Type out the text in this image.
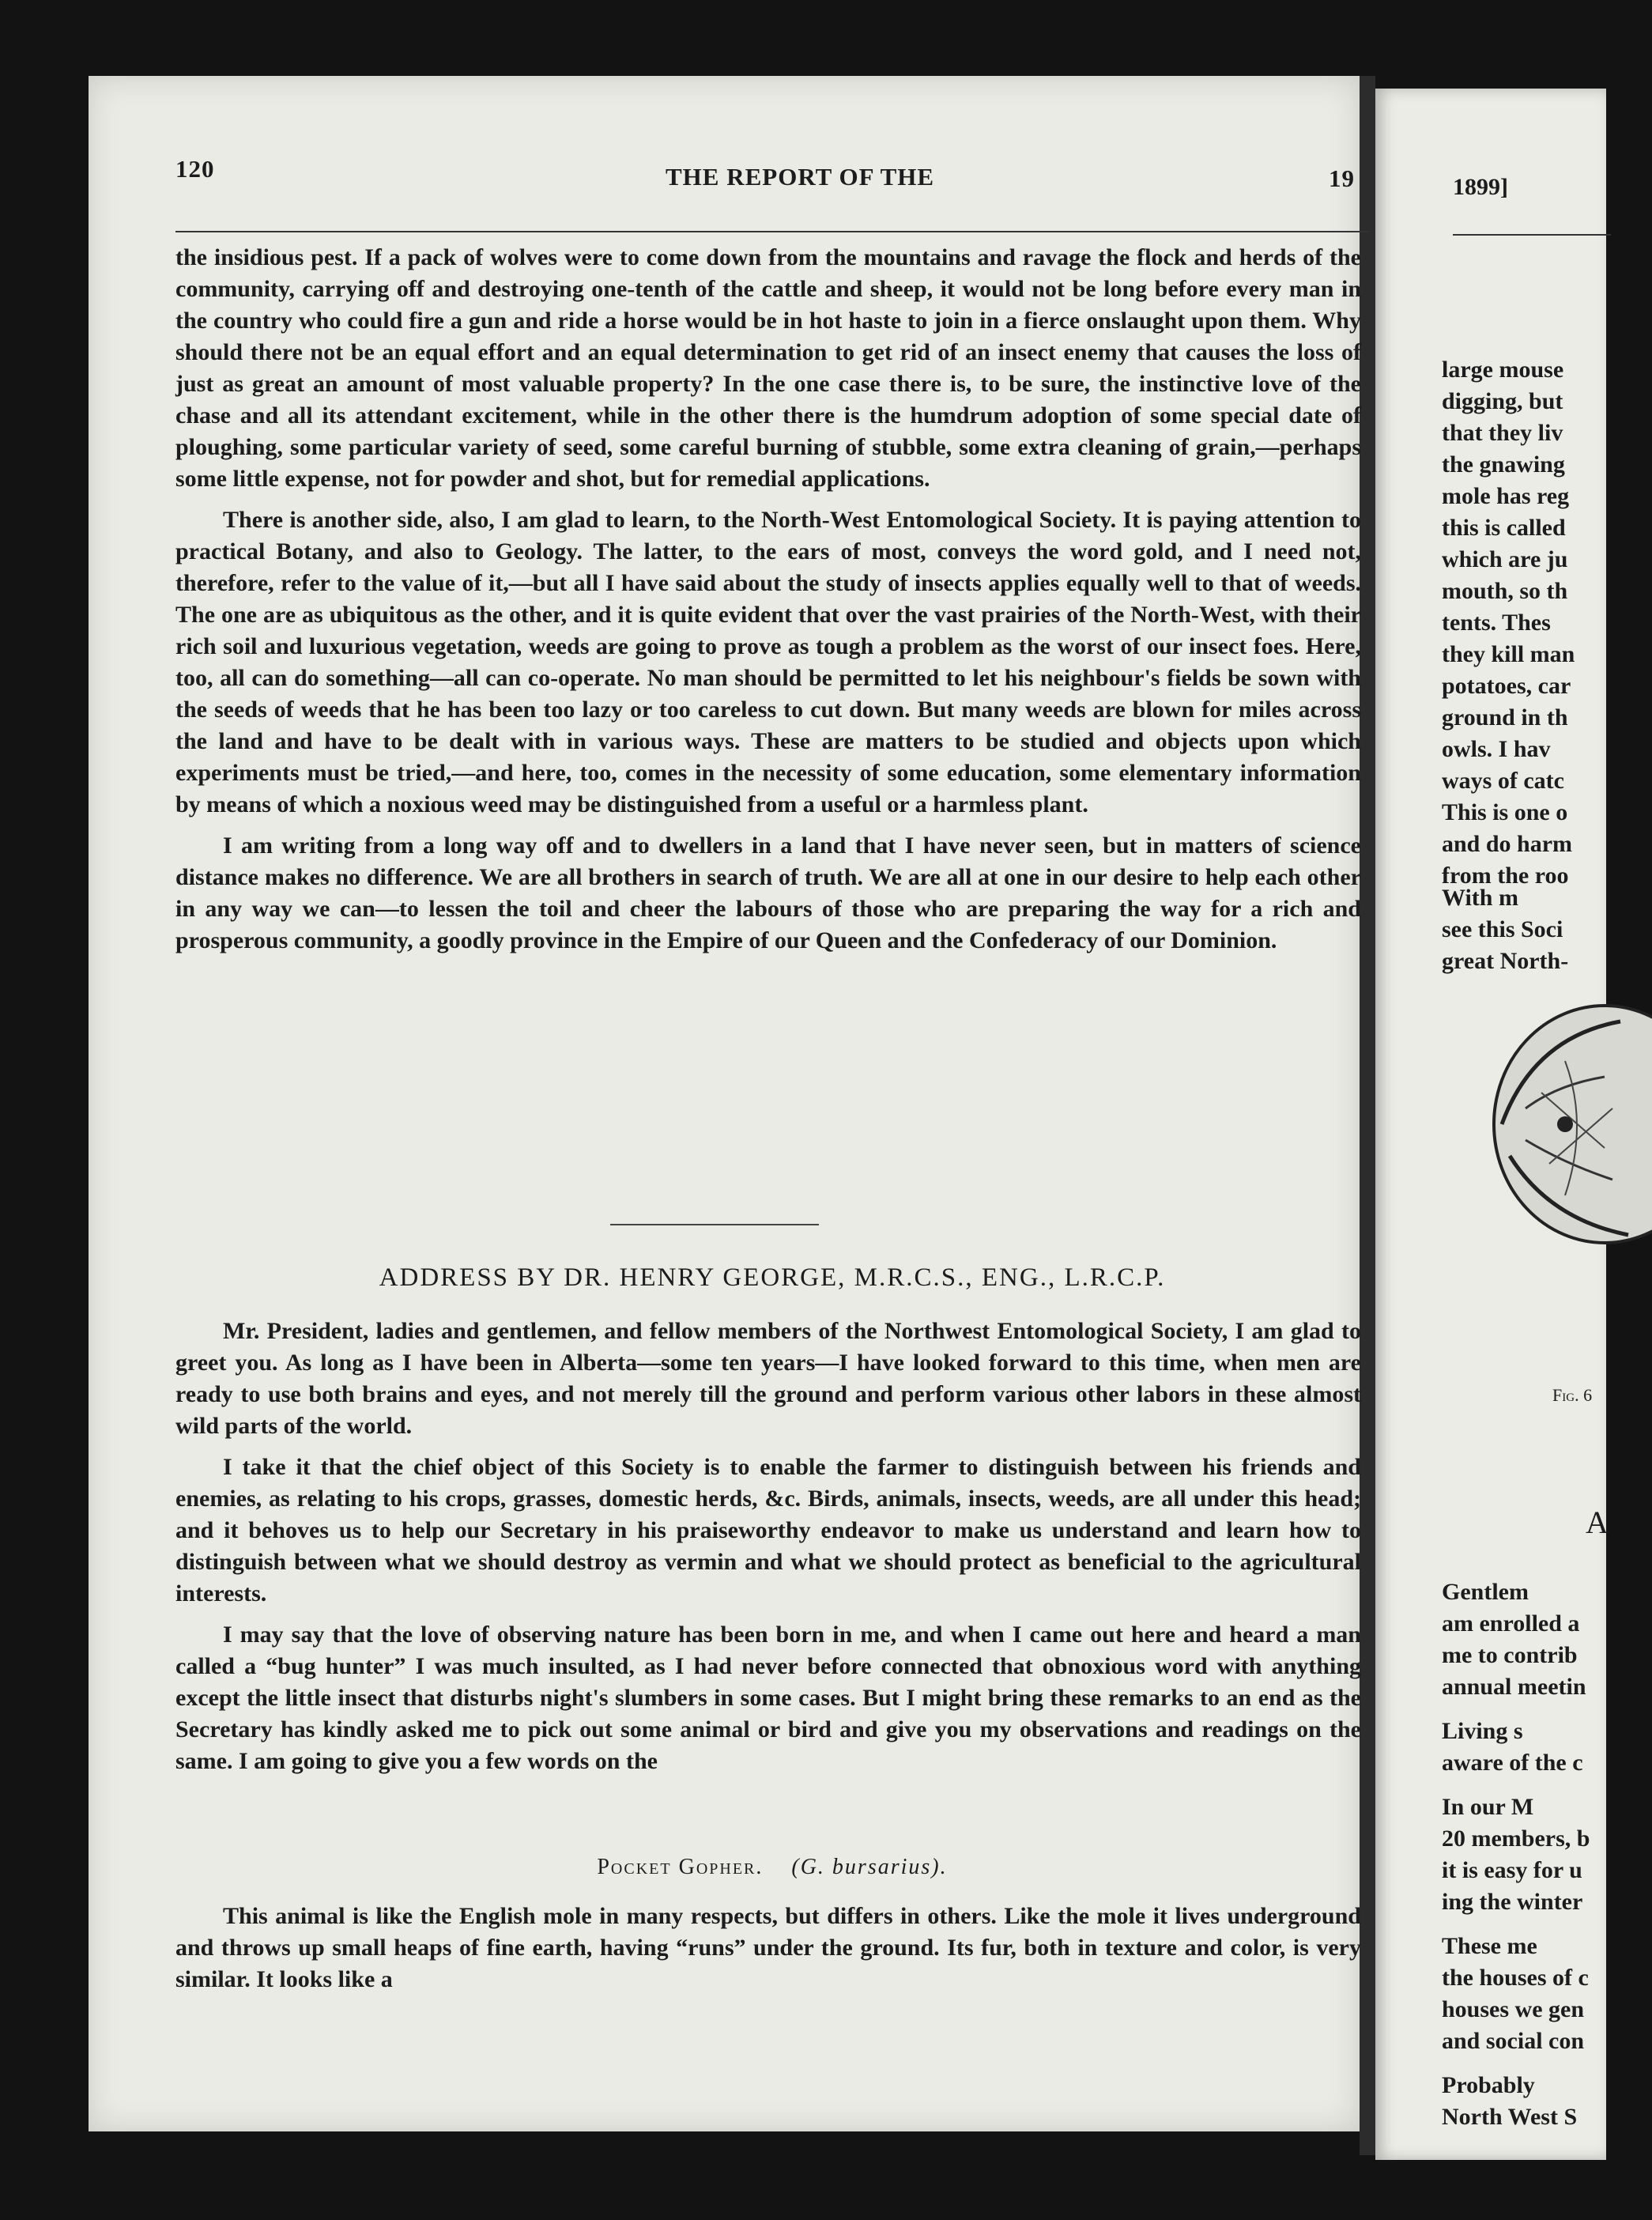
120	THE REPORT OF THE	19

the insidious pest. If a pack of wolves were to come down from the mountains and ravage the flock and herds of the community, carrying off and destroying one-tenth of the cattle and sheep, it would not be long before every man in the country who could fire a gun and ride a horse would be in hot haste to join in a fierce onslaught upon them. Why should there not be an equal effort and an equal determination to get rid of an insect enemy that causes the loss of just as great an amount of most valuable property? In the one case there is, to be sure, the instinctive love of the chase and all its attendant excitement, while in the other there is the humdrum adoption of some special date of ploughing, some particular variety of seed, some careful burning of stubble, some extra cleaning of grain,—perhaps some little expense, not for powder and shot, but for remedial applications.

There is another side, also, I am glad to learn, to the North-West Entomological Society. It is paying attention to practical Botany, and also to Geology. The latter, to the ears of most, conveys the word gold, and I need not, therefore, refer to the value of it,—but all I have said about the study of insects applies equally well to that of weeds. The one are as ubiquitous as the other, and it is quite evident that over the vast prairies of the North-West, with their rich soil and luxurious vegetation, weeds are going to prove as tough a problem as the worst of our insect foes. Here, too, all can do something—all can co-operate. No man should be permitted to let his neighbour's fields be sown with the seeds of weeds that he has been too lazy or too careless to cut down. But many weeds are blown for miles across the land and have to be dealt with in various ways. These are matters to be studied and objects upon which experiments must be tried,—and here, too, comes in the necessity of some education, some elementary information by means of which a noxious weed may be distinguished from a useful or a harmless plant.

I am writing from a long way off and to dwellers in a land that I have never seen, but in matters of science distance makes no difference. We are all brothers in search of truth. We are all at one in our desire to help each other in any way we can—to lessen the toil and cheer the labours of those who are preparing the way for a rich and prosperous community, a goodly province in the Empire of our Queen and the Confederacy of our Dominion.

ADDRESS BY DR. HENRY GEORGE, M.R.C.S., ENG., L.R.C.P.

Mr. President, ladies and gentlemen, and fellow members of the Northwest Entomological Society, I am glad to greet you. As long as I have been in Alberta—some ten years—I have looked forward to this time, when men are ready to use both brains and eyes, and not merely till the ground and perform various other labors in these almost wild parts of the world.

I take it that the chief object of this Society is to enable the farmer to distinguish between his friends and enemies, as relating to his crops, grasses, domestic herds, &c. Birds, animals, insects, weeds, are all under this head; and it behoves us to help our Secretary in his praiseworthy endeavor to make us understand and learn how to distinguish between what we should destroy as vermin and what we should protect as beneficial to the agricultural interests.

I may say that the love of observing nature has been born in me, and when I came out here and heard a man called a “bug hunter” I was much insulted, as I had never before connected that obnoxious word with anything except the little insect that disturbs night's slumbers in some cases. But I might bring these remarks to an end as the Secretary has kindly asked me to pick out some animal or bird and give you my observations and readings on the same. I am going to give you a few words on the

Pocket Gopher. (G. bursarius).

This animal is like the English mole in many respects, but differs in others. Like the mole it lives underground and throws up small heaps of fine earth, having “runs” under the ground. Its fur, both in texture and color, is very similar. It looks like a

1899]
large mouse
digging, but
that they liv
the gnawing
mole has reg
this is called
which are ju
mouth, so th
tents. Thes
they kill man
potatoes, car
ground in th
owls. I hav
ways of catc
This is one o
and do harm
from the roo
With m
see this Soci
great North-
Fig. 6
A
Gentlem
am enrolled a
me to contrib
annual meetin
Living s
aware of the c
In our M
20 members, b
it is easy for u
ing the winter
These me
the houses of c
houses we gen
and social con
Probably
North West S
